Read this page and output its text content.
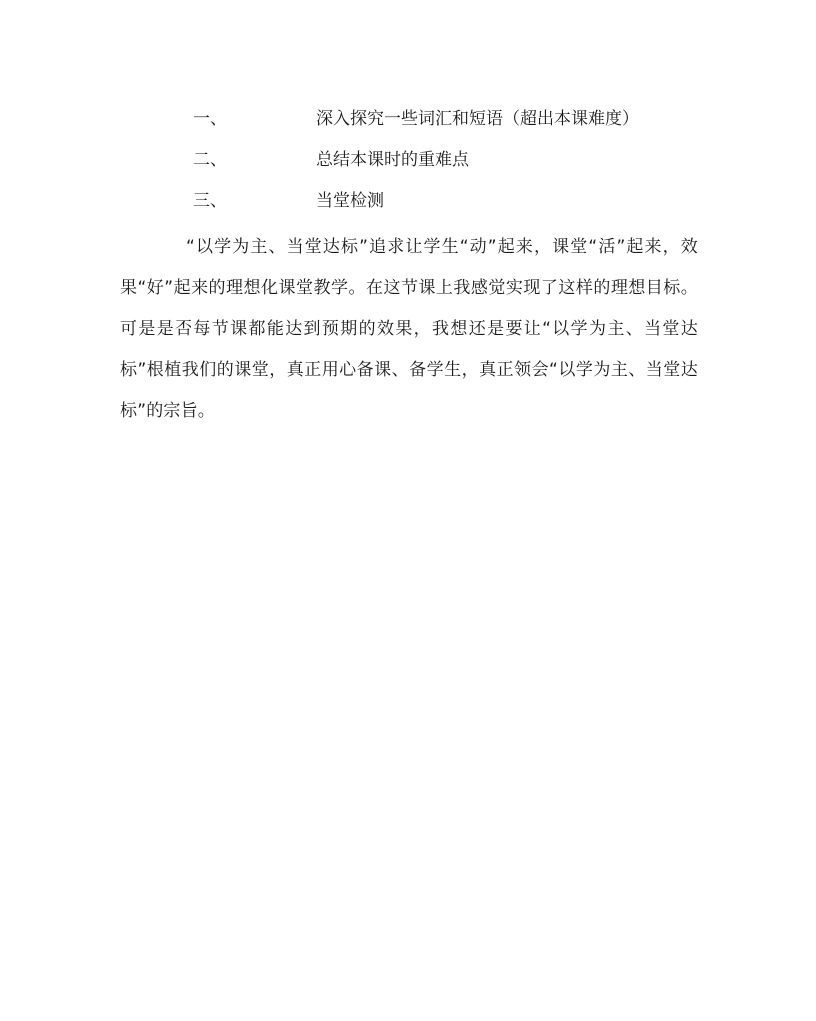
一、	深入探究一些词汇和短语（超出本课难度）
二、	总结本课时的重难点
三、	当堂检测

“以学为主、当堂达标”追求让学生“动”起来，课堂“活”起来，效果“好”起来的理想化课堂教学。在这节课上我感觉实现了这样的理想目标。可是是否每节课都能达到预期的效果，我想还是要让“以学为主、当堂达标”根植我们的课堂，真正用心备课、备学生，真正领会“以学为主、当堂达标”的宗旨。
